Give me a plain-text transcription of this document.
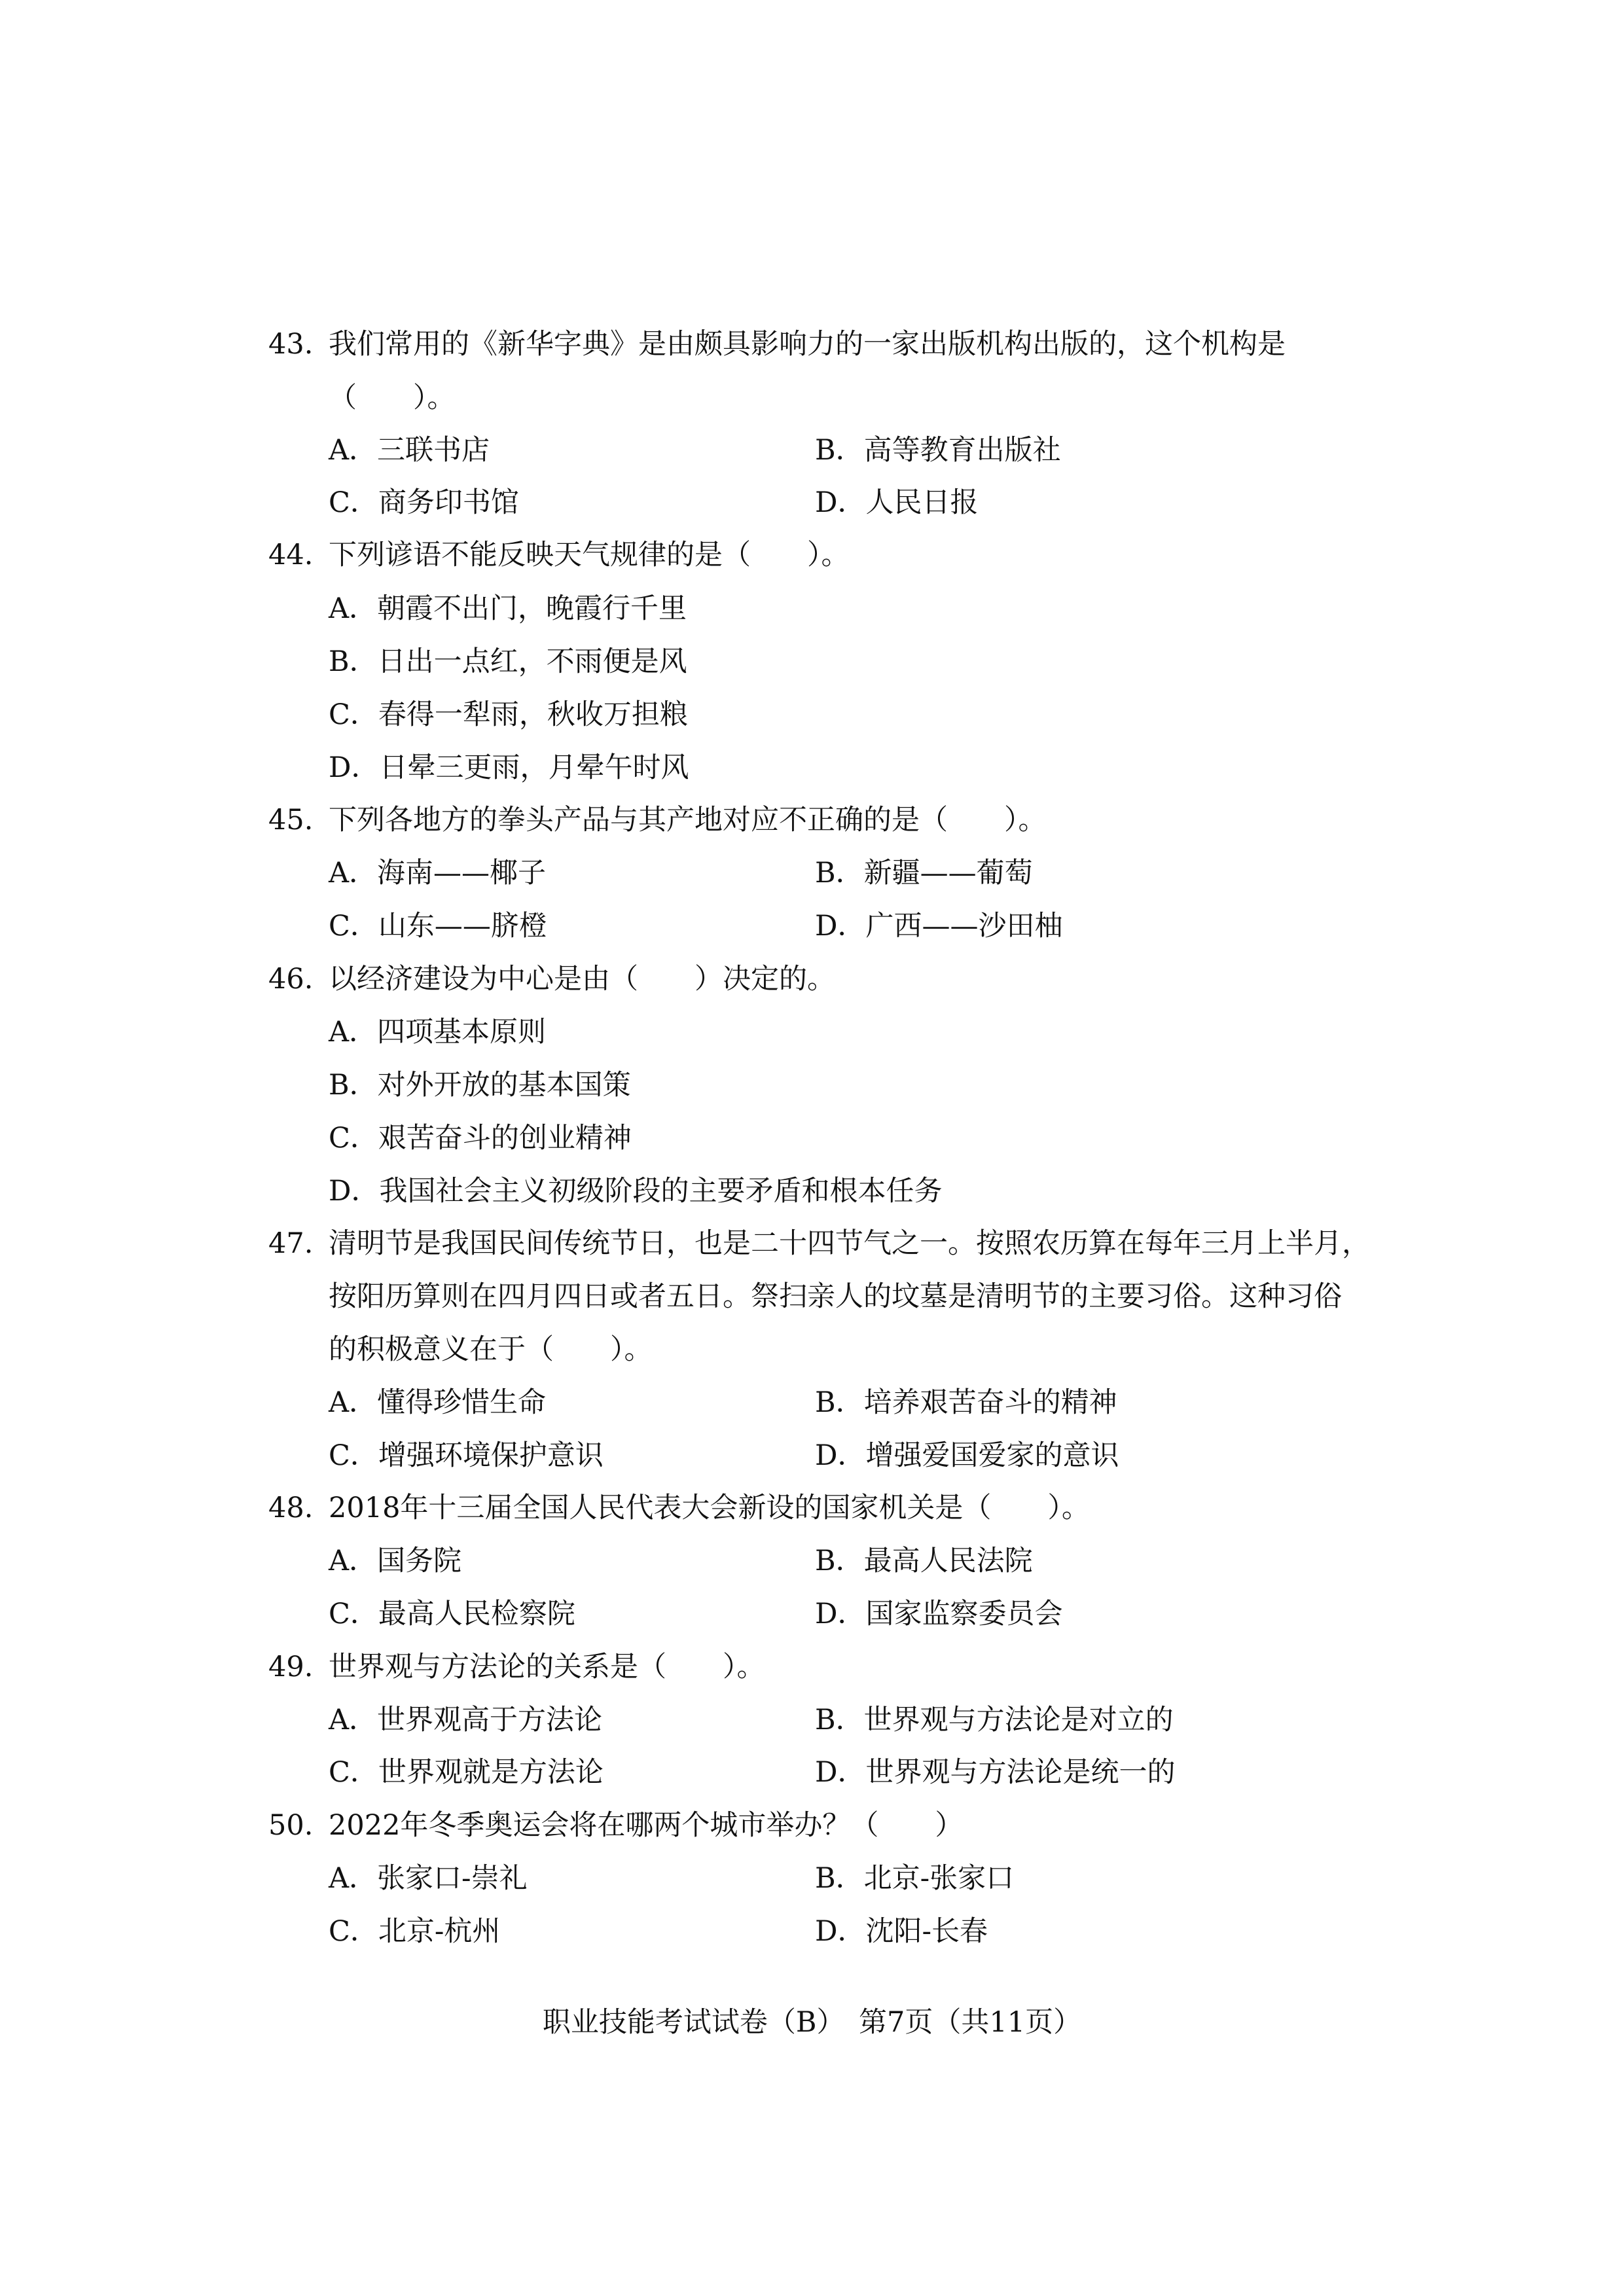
43. 我们常用的《新华字典》是由颇具影响力的一家出版机构出版的，这个机构是
（　　）。
A．三联书店	B．高等教育出版社
C．商务印书馆	D．人民日报
44. 下列谚语不能反映天气规律的是（　　）。
A．朝霞不出门，晚霞行千里
B．日出一点红，不雨便是风
C．春得一犁雨，秋收万担粮
D．日晕三更雨，月晕午时风
45. 下列各地方的拳头产品与其产地对应不正确的是（　　）。
A．海南——椰子	B．新疆——葡萄
C．山东——脐橙	D．广西——沙田柚
46. 以经济建设为中心是由（　　）决定的。
A．四项基本原则
B．对外开放的基本国策
C．艰苦奋斗的创业精神
D．我国社会主义初级阶段的主要矛盾和根本任务
47. 清明节是我国民间传统节日，也是二十四节气之一。按照农历算在每年三月上半月，
按阳历算则在四月四日或者五日。祭扫亲人的坟墓是清明节的主要习俗。这种习俗
的积极意义在于（　　）。
A．懂得珍惜生命	B．培养艰苦奋斗的精神
C．增强环境保护意识	D．增强爱国爱家的意识
48. 2018年十三届全国人民代表大会新设的国家机关是（　　）。
A．国务院	B．最高人民法院
C．最高人民检察院	D．国家监察委员会
49. 世界观与方法论的关系是（　　）。
A．世界观高于方法论	B．世界观与方法论是对立的
C．世界观就是方法论	D．世界观与方法论是统一的
50. 2022年冬季奥运会将在哪两个城市举办？（　　）
A．张家口-崇礼	B．北京-张家口
C．北京-杭州	D．沈阳-长春
职业技能考试试卷（B）　第7页（共11页）
